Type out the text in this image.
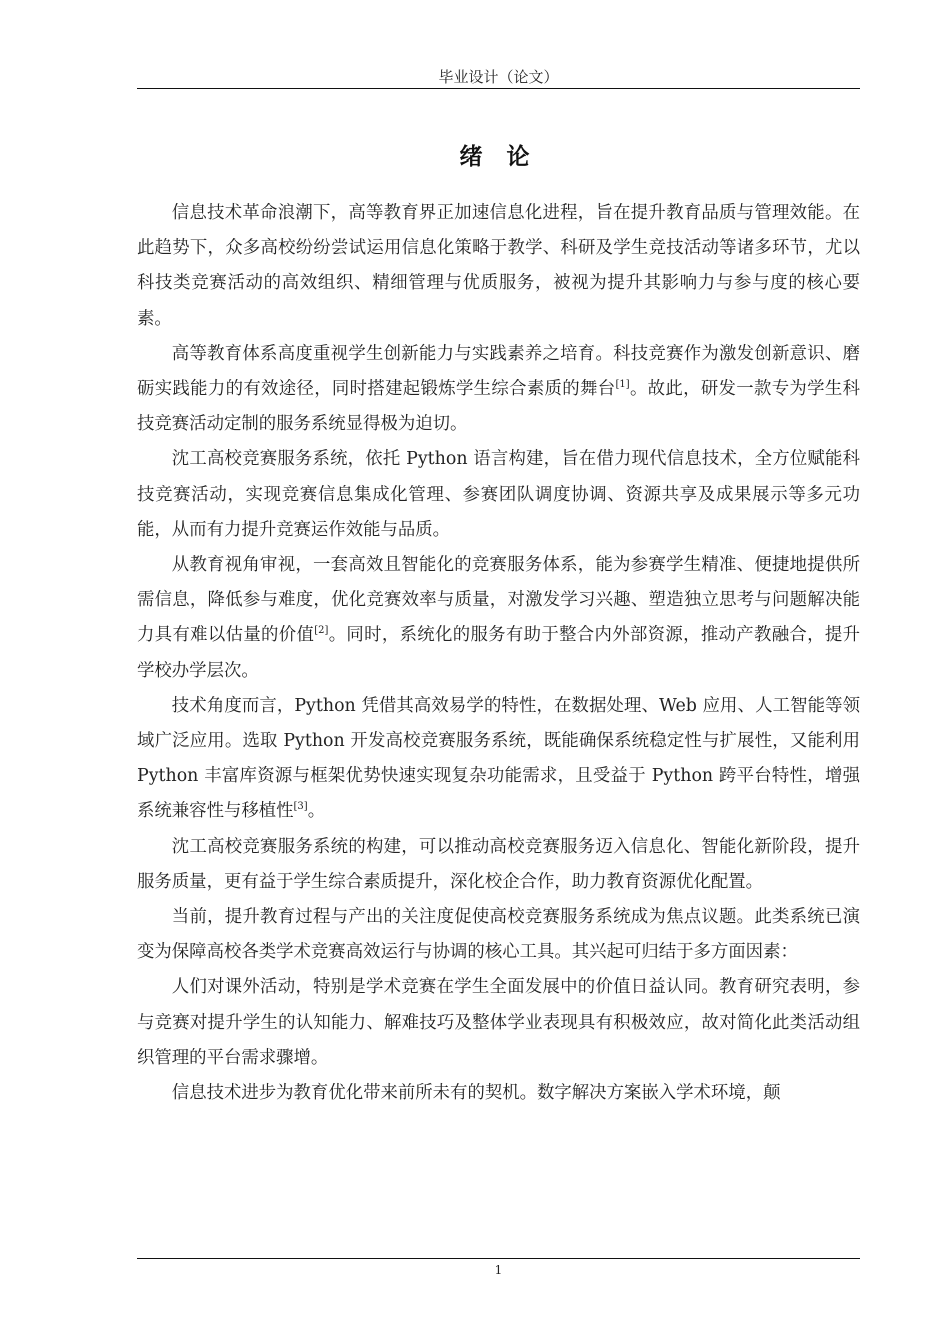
毕业设计（论文）
绪 论

信息技术革命浪潮下，高等教育界正加速信息化进程，旨在提升教育品质与管理效能。在此趋势下，众多高校纷纷尝试运用信息化策略于教学、科研及学生竞技活动等诸多环节，尤以科技类竞赛活动的高效组织、精细管理与优质服务，被视为提升其影响力与参与度的核心要素。

高等教育体系高度重视学生创新能力与实践素养之培育。科技竞赛作为激发创新意识、磨砺实践能力的有效途径，同时搭建起锻炼学生综合素质的舞台[1]。故此，研发一款专为学生科技竞赛活动定制的服务系统显得极为迫切。

沈工高校竞赛服务系统，依托 Python 语言构建，旨在借力现代信息技术，全方位赋能科技竞赛活动，实现竞赛信息集成化管理、参赛团队调度协调、资源共享及成果展示等多元功能，从而有力提升竞赛运作效能与品质。

从教育视角审视，一套高效且智能化的竞赛服务体系，能为参赛学生精准、便捷地提供所需信息，降低参与难度，优化竞赛效率与质量，对激发学习兴趣、塑造独立思考与问题解决能力具有难以估量的价值[2]。同时，系统化的服务有助于整合内外部资源，推动产教融合，提升学校办学层次。

技术角度而言，Python 凭借其高效易学的特性，在数据处理、Web 应用、人工智能等领域广泛应用。选取 Python 开发高校竞赛服务系统，既能确保系统稳定性与扩展性，又能利用 Python 丰富库资源与框架优势快速实现复杂功能需求，且受益于 Python 跨平台特性，增强系统兼容性与移植性[3]。

沈工高校竞赛服务系统的构建，可以推动高校竞赛服务迈入信息化、智能化新阶段，提升服务质量，更有益于学生综合素质提升，深化校企合作，助力教育资源优化配置。

当前，提升教育过程与产出的关注度促使高校竞赛服务系统成为焦点议题。此类系统已演变为保障高校各类学术竞赛高效运行与协调的核心工具。其兴起可归结于多方面因素：

人们对课外活动，特别是学术竞赛在学生全面发展中的价值日益认同。教育研究表明，参与竞赛对提升学生的认知能力、解难技巧及整体学业表现具有积极效应，故对简化此类活动组织管理的平台需求骤增。

信息技术进步为教育优化带来前所未有的契机。数字解决方案嵌入学术环境，颠

1
